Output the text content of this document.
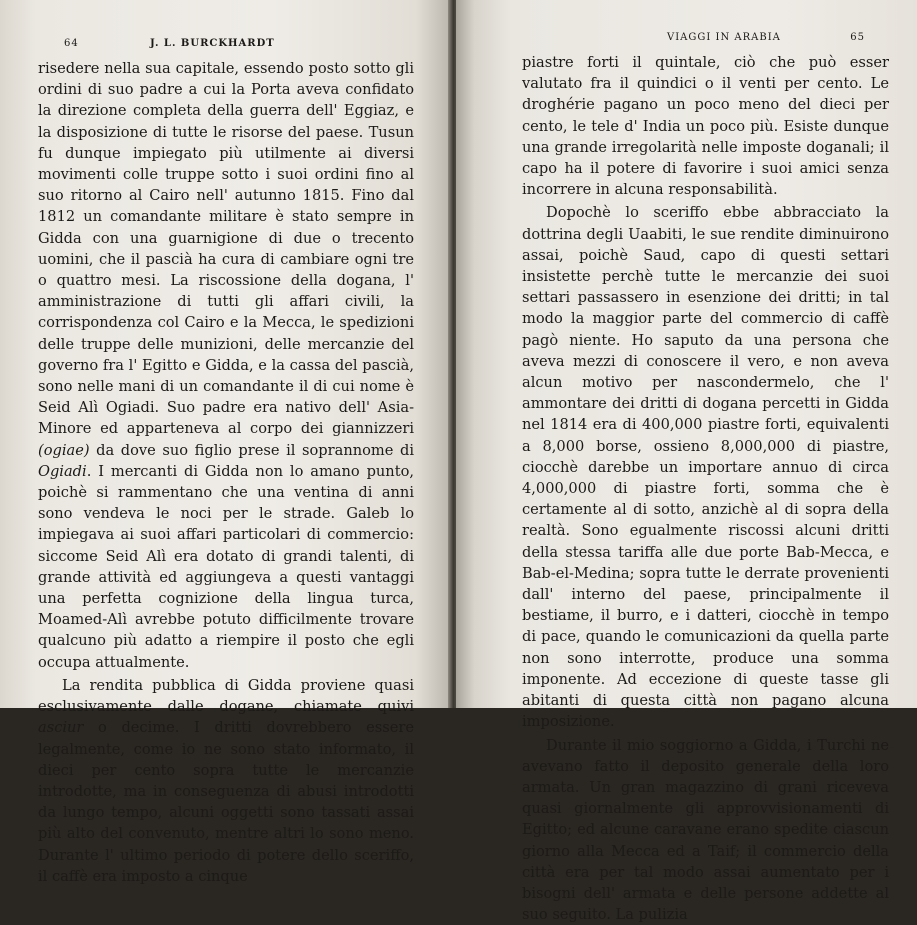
64	J. L. BURCKHARDT

risedere nella sua capitale, essendo posto sotto gli ordini di suo padre a cui la Porta aveva confidato la direzione completa della guerra dell' Eggiaz, e la disposizione di tutte le risorse del paese. Tusun fu dunque impiegato più utilmente ai diversi movimenti colle truppe sotto i suoi ordini fino al suo ritorno al Cairo nell' autunno 1815. Fino dal 1812 un comandante militare è stato sempre in Gidda con una guarnigione di due o trecento uomini, che il pascià ha cura di cambiare ogni tre o quattro mesi. La riscossione della dogana, l' amministrazione di tutti gli affari civili, la corrispondenza col Cairo e la Mecca, le spedizioni delle truppe delle munizioni, delle mercanzie del governo fra l' Egitto e Gidda, e la cassa del pascià, sono nelle mani di un comandante il di cui nome è Seid Alì Ogiadi. Suo padre era nativo dell' Asia-Minore ed apparteneva al corpo dei giannizzeri (ogiae) da dove suo figlio prese il soprannome di Ogiadi. I mercanti di Gidda non lo amano punto, poichè si rammentano che una ventina di anni sono vendeva le noci per le strade. Galeb lo impiegava ai suoi affari particolari di commercio: siccome Seid Alì era dotato di grandi talenti, di grande attività ed aggiungeva a questi vantaggi una perfetta cognizione della lingua turca, Moamed-Alì avrebbe potuto difficilmente trovare qualcuno più adatto a riempire il posto che egli occupa attualmente.

La rendita pubblica di Gidda proviene quasi esclusivamente dalle dogane, chiamate quivi asciur o decime. I dritti dovrebbero essere legalmente, come io ne sono stato informato, il dieci per cento sopra tutte le mercanzie introdotte, ma in conseguenza di abusi introdotti da lungo tempo, alcuni oggetti sono tassati assai più alto del convenuto, mentre altri lo sono meno. Durante l' ultimo periodo di potere dello sceriffo, il caffè era imposto a cinque

VIAGGI IN ARABIA	65

piastre forti il quintale, ciò che può esser valutato fra il quindici o il venti per cento. Le droghérie pagano un poco meno del dieci per cento, le tele d' India un poco più. Esiste dunque una grande irregolarità nelle imposte doganali; il capo ha il potere di favorire i suoi amici senza incorrere in alcuna responsabilità.

Dopochè lo sceriffo ebbe abbracciato la dottrina degli Uaabiti, le sue rendite diminuirono assai, poichè Saud, capo di questi settari insistette perchè tutte le mercanzie dei suoi settari passassero in esenzione dei dritti; in tal modo la maggior parte del commercio di caffè pagò niente. Ho saputo da una persona che aveva mezzi di conoscere il vero, e non aveva alcun motivo per nascondermelo, che l' ammontare dei dritti di dogana percetti in Gidda nel 1814 era di 400,000 piastre forti, equivalenti a 8,000 borse, ossieno 8,000,000 di piastre, ciocchè darebbe un importare annuo di circa 4,000,000 di piastre forti, somma che è certamente al di sotto, anzichè al di sopra della realtà. Sono egualmente riscossi alcuni dritti della stessa tariffa alle due porte Bab-Mecca, e Bab-el-Medina; sopra tutte le derrate provenienti dall' interno del paese, principalmente il bestiame, il burro, e i datteri, ciocchè in tempo di pace, quando le comunicazioni da quella parte non sono interrotte, produce una somma imponente. Ad eccezione di queste tasse gli abitanti di questa città non pagano alcuna imposizione.

Durante il mio soggiorno a Gidda, i Turchi ne avevano fatto il deposito generale della loro armata. Un gran magazzino di grani riceveva quasi giornalmente gli approvvisionamenti di Egitto; ed alcune caravane erano spedite ciascun giorno alla Mecca ed a Taif; il commercio della città era per tal modo assai aumentato per i bisogni dell' armata e delle persone addette al suo seguito. La pulizia
